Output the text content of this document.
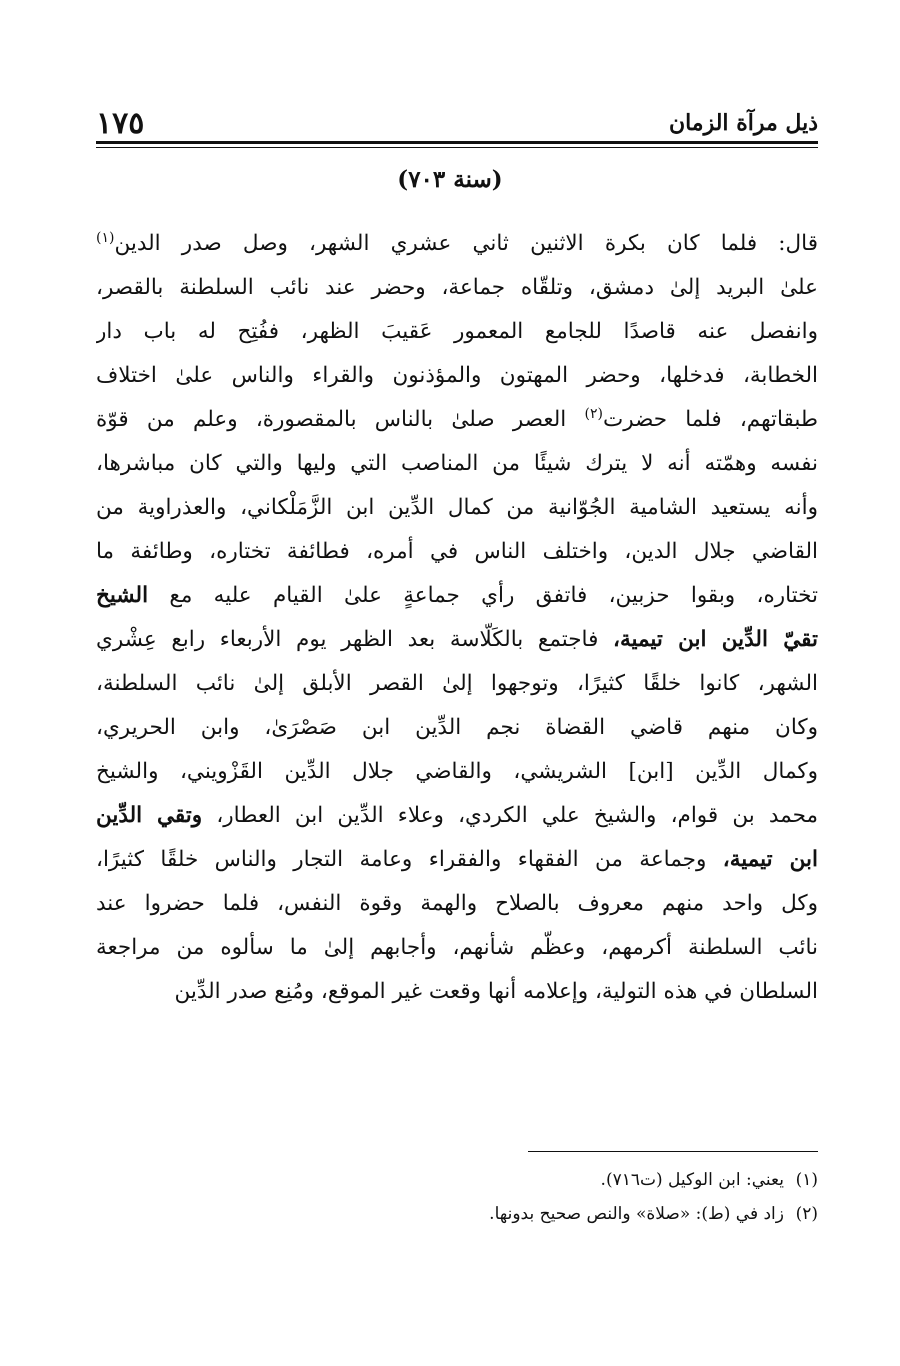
ذيل مرآة الزمان
١٧٥
(سنة ٧٠٣)
قال: فلما كان بكرة الاثنين ثاني عشري الشهر، وصل صدر الدين$^{(١)}$
علىٰ البريد إلىٰ دمشق، وتلقّاه جماعة، وحضر عند نائب السلطنة بالقصر،
وانفصل عنه قاصدًا للجامع المعمور عَقيبَ الظهر، ففُتِح له باب دار
الخطابة، فدخلها، وحضر المهتون والمؤذنون والقراء والناس علىٰ اختلاف
طبقاتهم، فلما حضرت$^{(٢)}$ العصر صلىٰ بالناس بالمقصورة، وعلم من قوّة
نفسه وهمّته أنه لا يترك شيئًا من المناصب التي وليها والتي كان مباشرها،
وأنه يستعيد الشامية الجُوّانية من كمال الدِّين ابن الزَّمَلْكاني، والعذراوية من
القاضي جلال الدين، واختلف الناس في أمره، فطائفة تختاره، وطائفة ما
تختاره، وبقوا حزبين، فاتفق رأي جماعةٍ علىٰ القيام عليه مع الشيخ
تقيّ الدِّين ابن تيمية، فاجتمع بالكَلّاسة بعد الظهر يوم الأربعاء رابع عِشْري
الشهر، كانوا خلقًا كثيرًا، وتوجهوا إلىٰ القصر الأبلق إلىٰ نائب السلطنة،
وكان منهم قاضي القضاة نجم الدِّين ابن صَصْرَىٰ، وابن الحريري،
وكمال الدِّين [ابن] الشريشي، والقاضي جلال الدِّين القَزْويني، والشيخ
محمد بن قوام، والشيخ علي الكردي، وعلاء الدِّين ابن العطار، وتقي الدِّين
ابن تيمية، وجماعة من الفقهاء والفقراء وعامة التجار والناس خلقًا كثيرًا،
وكل واحد منهم معروف بالصلاح والهمة وقوة النفس، فلما حضروا عند
نائب السلطنة أكرمهم، وعظّم شأنهم، وأجابهم إلىٰ ما سألوه من مراجعة
السلطان في هذه التولية، وإعلامه أنها وقعت غير الموقع، ومُنِع صدر الدِّين
(١)يعني: ابن الوكيل (ت٧١٦).
(٢)زاد في (ط): «صلاة» والنص صحيح بدونها.
